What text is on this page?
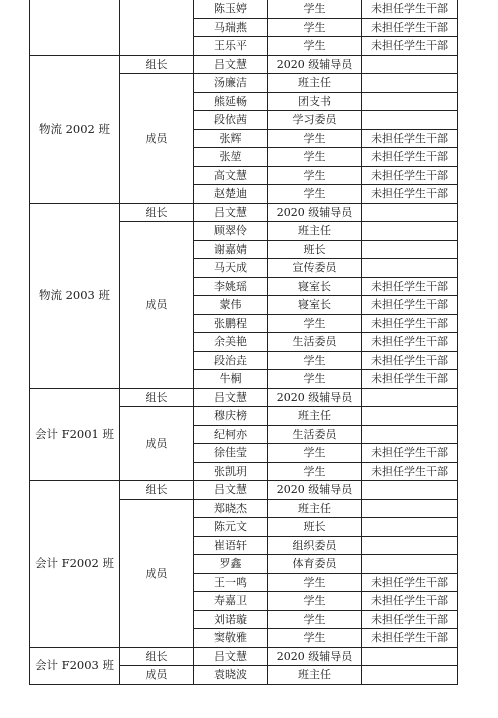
		陈玉婷	学生	未担任学生干部
		马瑞燕	学生	未担任学生干部
		王乐平	学生	未担任学生干部
物流 2002 班	组长	吕文慧	2020 级辅导员	
	成员	汤廉洁	班主任	
		熊延畅	团支书	
		段依茜	学习委员	
		张辉	学生	未担任学生干部
		张堃	学生	未担任学生干部
		高文慧	学生	未担任学生干部
		赵楚迪	学生	未担任学生干部
物流 2003 班	组长	吕文慧	2020 级辅导员	
	成员	顾翠伶	班主任	
		谢嘉婧	班长	
		马天成	宣传委员	
		李姚瑶	寝室长	未担任学生干部
		蒙伟	寝室长	未担任学生干部
		张鹏程	学生	未担任学生干部
		余美艳	生活委员	未担任学生干部
		段治垚	学生	未担任学生干部
		牛桐	学生	未担任学生干部
会计 F2001 班	组长	吕文慧	2020 级辅导员	
	成员	穆庆榜	班主任	
		纪柯亦	生活委员	
		徐佳莹	学生	未担任学生干部
		张凯玥	学生	未担任学生干部
会计 F2002 班	组长	吕文慧	2020 级辅导员	
	成员	郑晓杰	班主任	
		陈元文	班长	
		崔语轩	组织委员	
		罗鑫	体育委员	
		王一鸣	学生	未担任学生干部
		寿嘉卫	学生	未担任学生干部
		刘诺璇	学生	未担任学生干部
		窦敬雅	学生	未担任学生干部
会计 F2003 班	组长	吕文慧	2020 级辅导员	
	成员	袁晓波	班主任	
